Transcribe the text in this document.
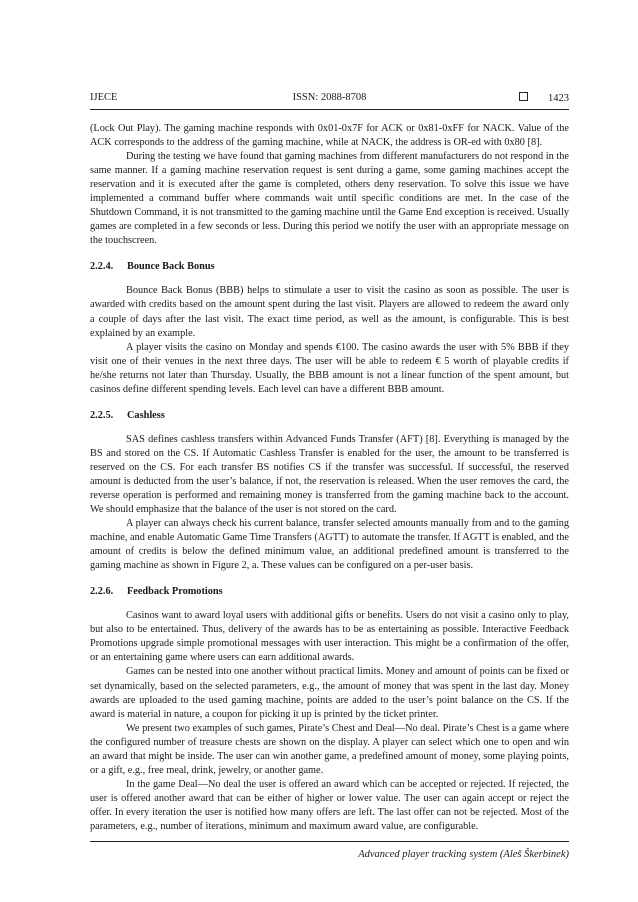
IJECE	ISSN: 2088-8708	1423

(Lock Out Play). The gaming machine responds with 0x01-0x7F for ACK or 0x81-0xFF for NACK. Value of the ACK corresponds to the address of the gaming machine, while at NACK, the address is OR-ed with 0x80 [8].

During the testing we have found that gaming machines from different manufacturers do not respond in the same manner. If a gaming machine reservation request is sent during a game, some gaming machines accept the reservation and it is executed after the game is completed, others deny reservation. To solve this issue we have implemented a command buffer where commands wait until specific conditions are met. In the case of the Shutdown Command, it is not transmitted to the gaming machine until the Game End exception is received. Usually games are completed in a few seconds or less. During this period we notify the user with an appropriate message on the touchscreen.

2.2.4. Bounce Back Bonus

Bounce Back Bonus (BBB) helps to stimulate a user to visit the casino as soon as possible. The user is awarded with credits based on the amount spent during the last visit. Players are allowed to redeem the award only a couple of days after the last visit. The exact time period, as well as the amount, is configurable. This is best explained by an example.

A player visits the casino on Monday and spends €100. The casino awards the user with 5% BBB if they visit one of their venues in the next three days. The user will be able to redeem € 5 worth of playable credits if he/she returns not later than Thursday. Usually, the BBB amount is not a linear function of the spent amount, but casinos define different spending levels. Each level can have a different BBB amount.

2.2.5. Cashless

SAS defines cashless transfers within Advanced Funds Transfer (AFT) [8]. Everything is managed by the BS and stored on the CS. If Automatic Cashless Transfer is enabled for the user, the amount to be transferred is reserved on the CS. For each transfer BS notifies CS if the transfer was successful. If successful, the reserved amount is deducted from the user’s balance, if not, the reservation is released. When the user removes the card, the reverse operation is performed and remaining money is transferred from the gaming machine back to the account. We should emphasize that the balance of the user is not stored on the card.

A player can always check his current balance, transfer selected amounts manually from and to the gaming machine, and enable Automatic Game Time Transfers (AGTT) to automate the transfer. If AGTT is enabled, and the amount of credits is below the defined minimum value, an additional predefined amount is transferred to the gaming machine as shown in Figure 2, a. These values can be configured on a per-user basis.

2.2.6. Feedback Promotions

Casinos want to award loyal users with additional gifts or benefits. Users do not visit a casino only to play, but also to be entertained. Thus, delivery of the awards has to be as entertaining as possible. Interactive Feedback Promotions upgrade simple promotional messages with user interaction. This might be a confirmation of the offer, or an entertaining game where users can earn additional awards.

Games can be nested into one another without practical limits. Money and amount of points can be fixed or set dynamically, based on the selected parameters, e.g., the amount of money that was spent in the last day. Money awards are uploaded to the used gaming machine, points are added to the user’s point balance on the CS. If the award is material in nature, a coupon for picking it up is printed by the ticket printer.

We present two examples of such games, Pirate’s Chest and Deal—No deal. Pirate’s Chest is a game where the configured number of treasure chests are shown on the display. A player can select which one to open and win an award that might be inside. The user can win another game, a predefined amount of money, some playing points, or a gift, e.g., free meal, drink, jewelry, or another game.

In the game Deal—No deal the user is offered an award which can be accepted or rejected. If rejected, the user is offered another award that can be either of higher or lower value. The user can again accept or reject the offer. In every iteration the user is notified how many offers are left. The last offer can not be rejected. Most of the parameters, e.g., number of iterations, minimum and maximum award value, are configurable.

Advanced player tracking system (Aleš Škerbinek)
